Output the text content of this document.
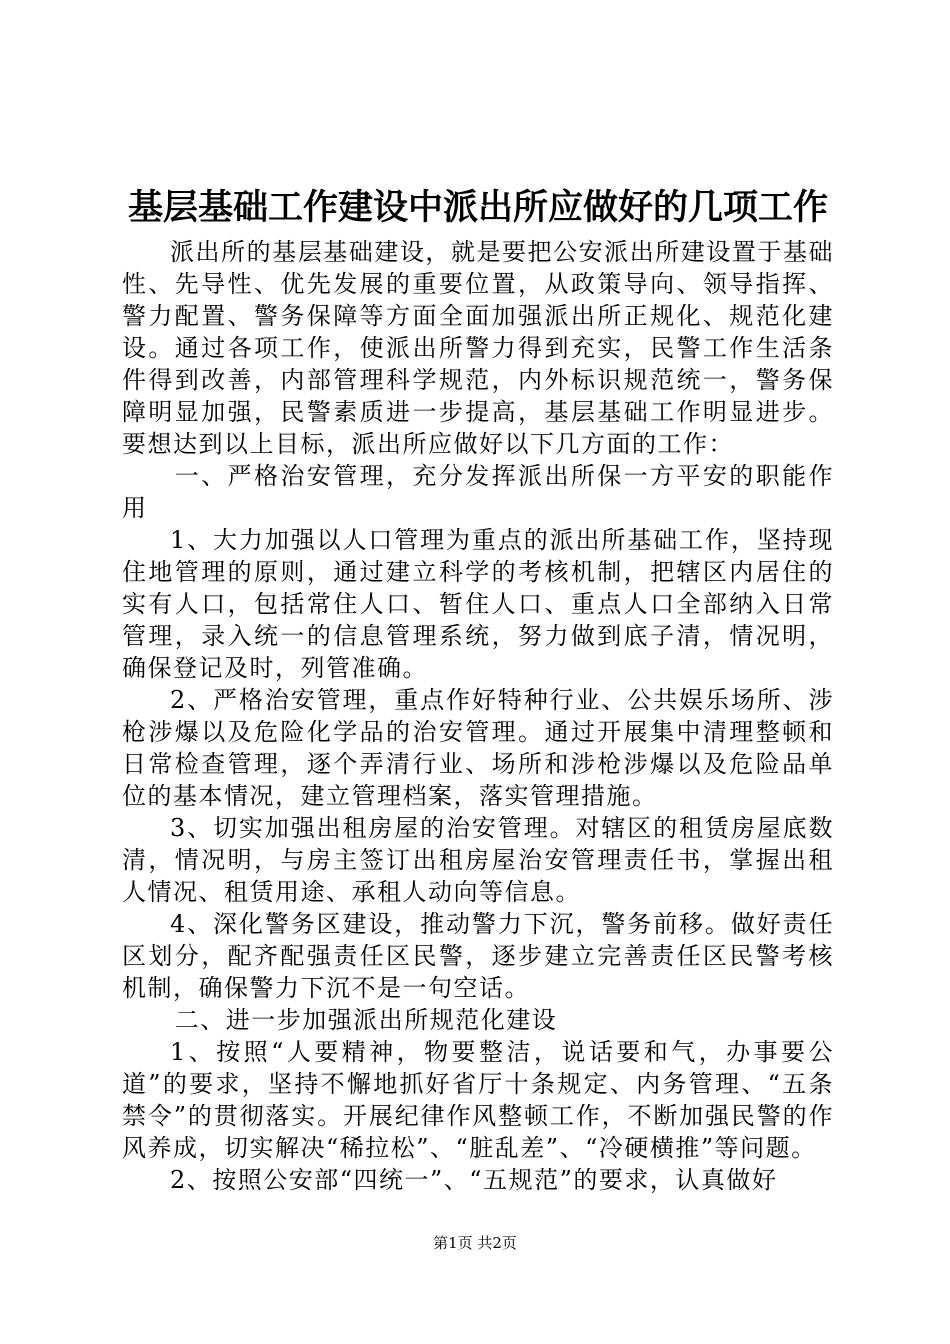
基层基础工作建设中派出所应做好的几项工作

派出所的基层基础建设，就是要把公安派出所建设置于基础性、先导性、优先发展的重要位置，从政策导向、领导指挥、警力配置、警务保障等方面全面加强派出所正规化、规范化建设。通过各项工作，使派出所警力得到充实，民警工作生活条件得到改善，内部管理科学规范，内外标识规范统一，警务保障明显加强，民警素质进一步提高，基层基础工作明显进步。要想达到以上目标，派出所应做好以下几方面的工作：

一、严格治安管理，充分发挥派出所保一方平安的职能作用

1、大力加强以人口管理为重点的派出所基础工作，坚持现住地管理的原则，通过建立科学的考核机制，把辖区内居住的实有人口，包括常住人口、暂住人口、重点人口全部纳入日常管理，录入统一的信息管理系统，努力做到底子清，情况明，确保登记及时，列管准确。

2、严格治安管理，重点作好特种行业、公共娱乐场所、涉枪涉爆以及危险化学品的治安管理。通过开展集中清理整顿和日常检查管理，逐个弄清行业、场所和涉枪涉爆以及危险品单位的基本情况，建立管理档案，落实管理措施。

3、切实加强出租房屋的治安管理。对辖区的租赁房屋底数清，情况明，与房主签订出租房屋治安管理责任书，掌握出租人情况、租赁用途、承租人动向等信息。

4、深化警务区建设，推动警力下沉，警务前移。做好责任区划分，配齐配强责任区民警，逐步建立完善责任区民警考核机制，确保警力下沉不是一句空话。

二、进一步加强派出所规范化建设

1、按照“人要精神，物要整洁，说话要和气，办事要公道”的要求，坚持不懈地抓好省厅十条规定、内务管理、“五条禁令”的贯彻落实。开展纪律作风整顿工作，不断加强民警的作风养成，切实解决“稀拉松”、“脏乱差”、“冷硬横推”等问题。

2、按照公安部“四统一”、“五规范”的要求，认真做好

第1页 共2页
